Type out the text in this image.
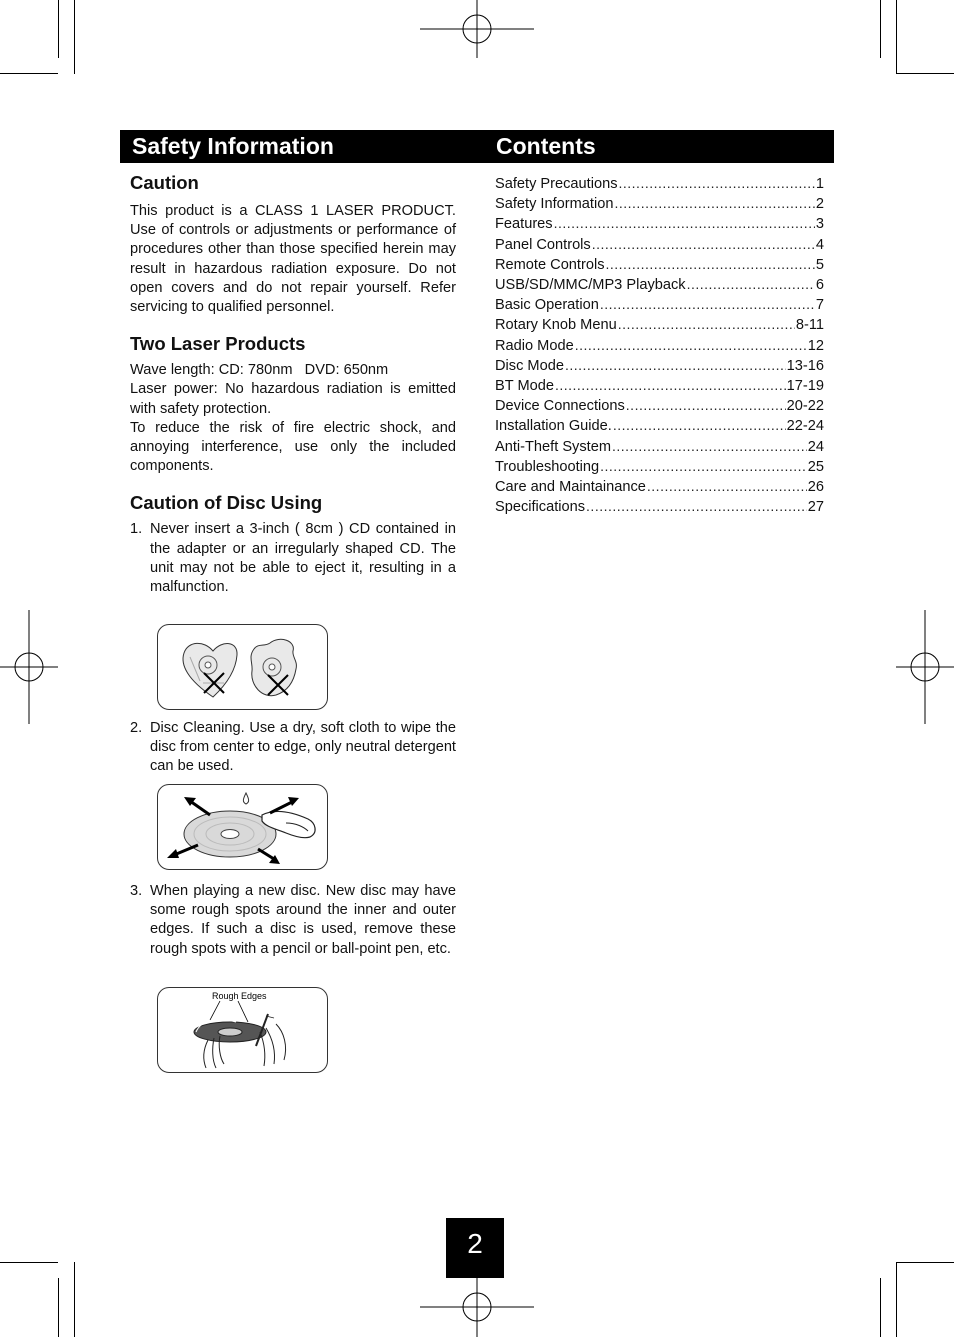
Safety Information	Contents
Caution

This product is a CLASS 1 LASER PRODUCT. Use of controls or adjustments or performance of procedures other than those specified herein may result in hazardous radiation exposure. Do not open covers and do not repair yourself. Refer servicing to qualified personnel.

Two Laser Products

Wave length: CD: 780nm   DVD: 650nm

Laser power: No hazardous radiation is emitted with safety protection.

To reduce the risk of fire electric shock, and annoying interference, use only the included components.

Caution of Disc Using
1. Never insert a 3-inch ( 8cm ) CD contained in the adapter or an irregularly shaped CD. The unit may not be able to eject it, resulting in a malfunction.
2. Disc Cleaning. Use a dry, soft cloth to wipe the disc from center to edge, only neutral detergent can be used.
3. When playing a new disc. New disc may have some rough spots around the inner and outer edges. If such a disc is used, remove these rough spots with a pencil or ball-point pen, etc.
Rough Edges
Safety Precautions .....	1
Safety Information .....	2
Features .....	3
Panel Controls .....	4
Remote Controls .....	5
USB/SD/MMC/MP3 Playback .....	6
Basic Operation .....	7
Rotary Knob Menu .....	8-11
Radio Mode .....	12
Disc Mode .....	13-16
BT Mode .....	17-19
Device Connections .....	20-22
Installation Guide. .....	22-24
Anti-Theft System .....	24
Troubleshooting .....	25
Care and Maintainance .....	26
Specifications .....	27
2
